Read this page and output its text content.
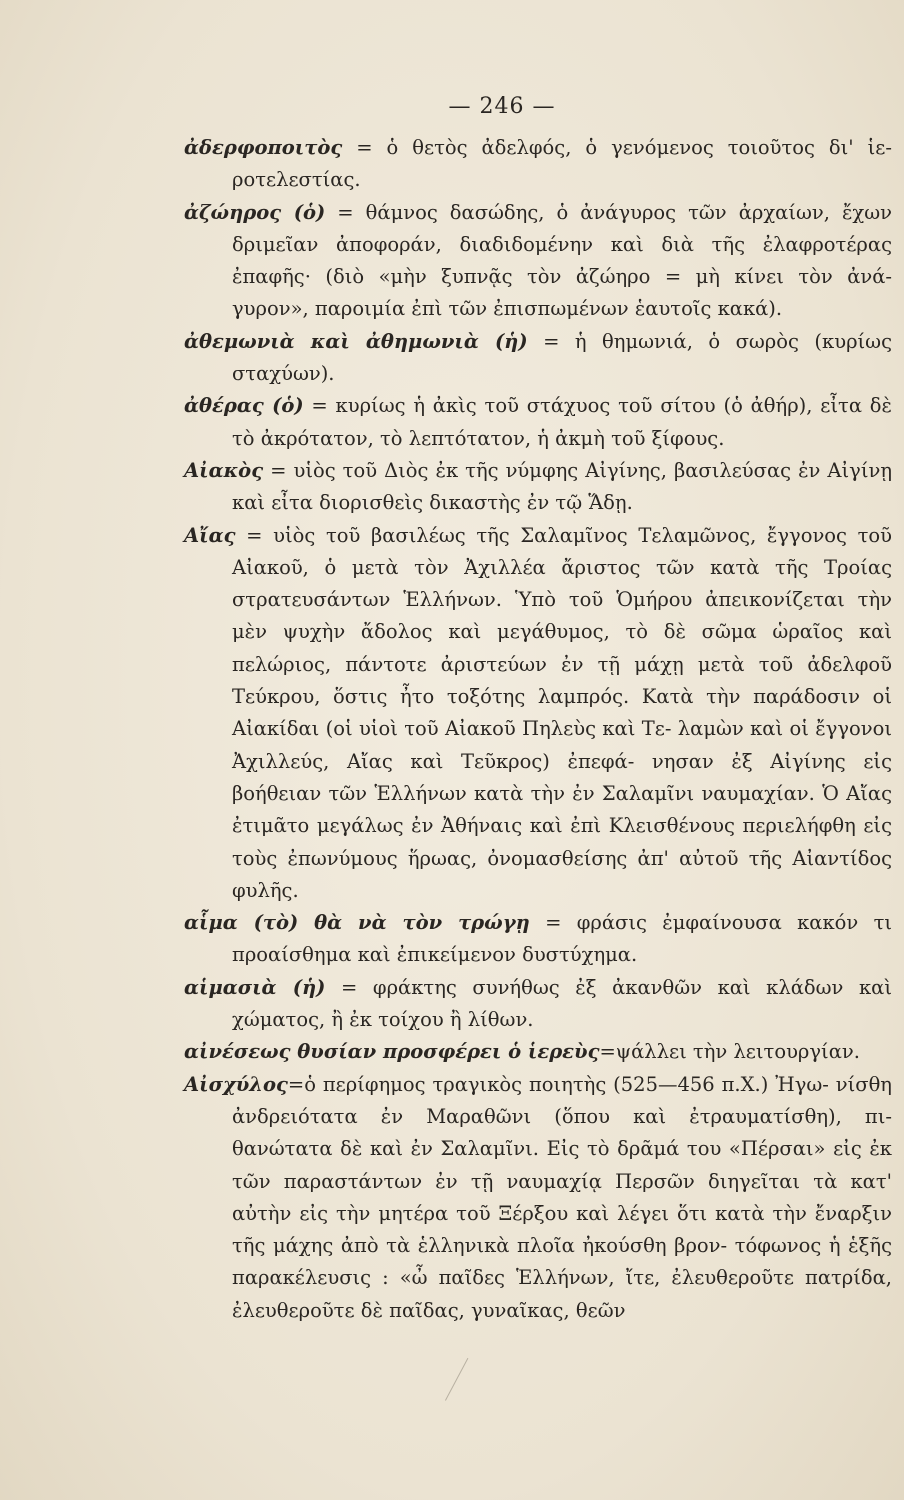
— 246 —

ἀδερφοποιτὸς = ὁ θετὸς ἀδελφός, ὁ γενόμενος τοιοῦτος δι' ἱε- ροτελεστίας.

ἀζώηρος (ὁ) = θάμνος δασώδης, ὁ ἀνάγυρος τῶν ἀρχαίων, ἔχων δριμεῖαν ἀποφοράν, διαδιδομένην καὶ διὰ τῆς ἐλαφροτέρας ἐπαφῆς· (διὸ «μὴν ξυπνᾷς τὸν ἀζώηρο = μὴ κίνει τὸν ἀνά- γυρον», παροιμία ἐπὶ τῶν ἐπισπωμένων ἑαυτοῖς κακά).

ἀθεμωνιὰ καὶ ἀθημωνιὰ (ἡ) = ἡ θημωνιά, ὁ σωρὸς (κυρίως σταχύων).

ἀθέρας (ὁ) = κυρίως ἡ ἀκὶς τοῦ στάχυος τοῦ σίτου (ὁ ἀθήρ), εἶτα δὲ τὸ ἀκρότατον, τὸ λεπτότατον, ἡ ἀκμὴ τοῦ ξίφους.

Αἰακὸς = υἱὸς τοῦ Διὸς ἐκ τῆς νύμφης Αἰγίνης, βασιλεύσας ἐν Αἰγίνῃ καὶ εἶτα διορισθεὶς δικαστὴς ἐν τῷ Ἅδῃ.

Αἴας = υἱὸς τοῦ βασιλέως τῆς Σαλαμῖνος Τελαμῶνος, ἔγγονος τοῦ Αἰακοῦ, ὁ μετὰ τὸν Ἀχιλλέα ἄριστος τῶν κατὰ τῆς Τροίας στρατευσάντων Ἑλλήνων. Ὑπὸ τοῦ Ὁμήρου ἀπεικονίζεται τὴν μὲν ψυχὴν ἄδολος καὶ μεγάθυμος, τὸ δὲ σῶμα ὡραῖος καὶ πελώριος, πάντοτε ἀριστεύων ἐν τῇ μάχῃ μετὰ τοῦ ἀδελφοῦ Τεύκρου, ὅστις ἦτο τοξότης λαμπρός. Κατὰ τὴν παράδοσιν οἱ Αἰακίδαι (οἱ υἱοὶ τοῦ Αἰακοῦ Πηλεὺς καὶ Τε- λαμὼν καὶ οἱ ἔγγονοι Ἀχιλλεύς, Αἴας καὶ Τεῦκρος) ἐπεφά- νησαν ἐξ Αἰγίνης εἰς βοήθειαν τῶν Ἑλλήνων κατὰ τὴν ἐν Σαλαμῖνι ναυμαχίαν. Ὁ Αἴας ἐτιμᾶτο μεγάλως ἐν Ἀθήναις καὶ ἐπὶ Κλεισθένους περιελήφθη εἰς τοὺς ἐπωνύμους ἥρωας, ὀνομασθείσης ἀπ' αὐτοῦ τῆς Αἰαντίδος φυλῆς.

αἷμα (τὸ) θὰ νὰ τὸν τρώγῃ = φράσις ἐμφαίνουσα κακόν τι προαίσθημα καὶ ἐπικείμενον δυστύχημα.

αἱμασιὰ (ἡ) = φράκτης συνήθως ἐξ ἀκανθῶν καὶ κλάδων καὶ χώματος, ἢ ἐκ τοίχου ἢ λίθων.

αἰνέσεως θυσίαν προσφέρει ὁ ἱερεὺς=ψάλλει τὴν λειτουργίαν.

Αἰσχύλος=ὁ περίφημος τραγικὸς ποιητὴς (525—456 π.Χ.) Ἠγω- νίσθη ἀνδρειότατα ἐν Μαραθῶνι (ὅπου καὶ ἐτραυματίσθη), πι- θανώτατα δὲ καὶ ἐν Σαλαμῖνι. Εἰς τὸ δρᾶμά του «Πέρσαι» εἰς ἐκ τῶν παραστάντων ἐν τῇ ναυμαχίᾳ Περσῶν διηγεῖται τὰ κατ' αὐτὴν εἰς τὴν μητέρα τοῦ Ξέρξου καὶ λέγει ὅτι κατὰ τὴν ἔναρξιν τῆς μάχης ἀπὸ τὰ ἑλληνικὰ πλοῖα ἠκούσθη βρον- τόφωνος ἡ ἑξῆς παρακέλευσις : «ὦ παῖδες Ἑλλήνων, ἴτε, ἐλευθεροῦτε πατρίδα, ἐλευθεροῦτε δὲ παῖδας, γυναῖκας, θεῶν
